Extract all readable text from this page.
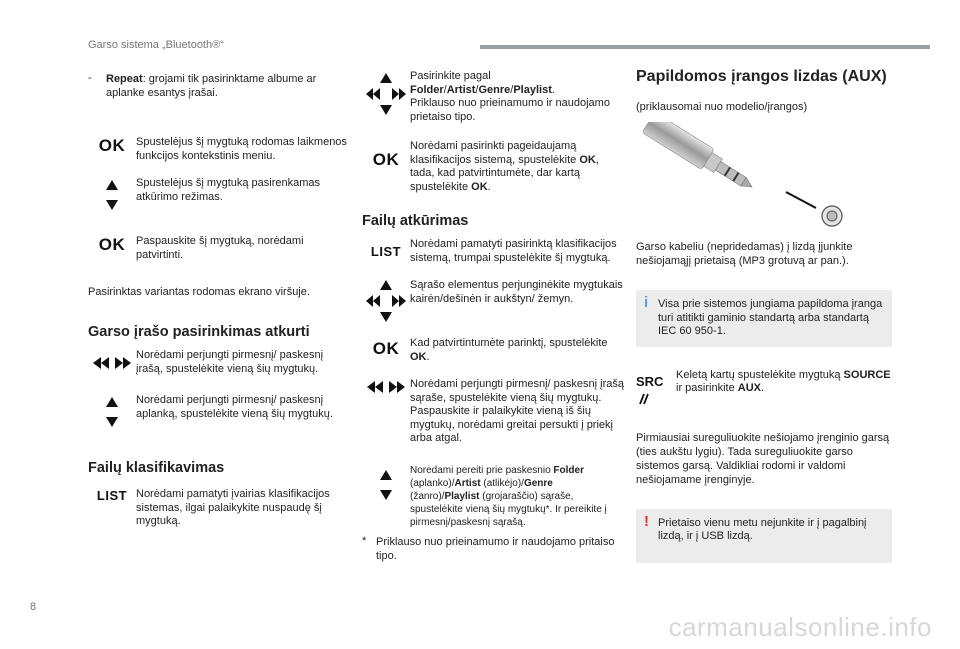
Garso sistema „Bluetooth®“
-	Repeat: grojami tik pasirinktame albume ar aplanke esantys įrašai.

OK Spustelėjus šį mygtuką rodomas laikmenos funkcijos kontekstinis meniu.
Spustelėjus šį mygtuką pasirenkamas atkūrimo režimas.
OK Paspauskite šį mygtuką, norėdami patvirtinti.

Pasirinktas variantas rodomas ekrano viršuje.

Garso įrašo pasirinkimas atkurti
Norėdami perjungti pirmesnį/ paskesnį įrašą, spustelėkite vieną šių mygtukų.
Norėdami perjungti pirmesnį/ paskesnį aplanką, spustelėkite vieną šių mygtukų.
Failų klasifikavimas
LIST Norėdami pamatyti įvairias klasifikacijos sistemas, ilgai palaikykite nuspaudę šį mygtuką.
Pasirinkite pagal
Folder/Artist/Genre/Playlist.
Priklauso nuo prieinamumo ir naudojamo prietaiso tipo.
OK
Norėdami pasirinkti pageidaujamą klasifikacijos sistemą, spustelėkite OK, tada, kad patvirtintumėte, dar kartą spustelėkite OK.
Failų atkūrimas
LIST Norėdami pamatyti pasirinktą klasifikacijos sistemą, trumpai spustelėkite šį mygtuką.
Sąrašo elementus perjunginėkite mygtukais kairėn/dešinėn ir aukštyn/ žemyn.
OK Kad patvirtintumėte parinktį, spustelėkite OK.
Norėdami perjungti pirmesnį/ paskesnį įrašą sąraše, spustelėkite vieną šių mygtukų.
Paspauskite ir palaikykite vieną iš šių mygtukų, norėdami greitai persukti į priekį arba atgal.
Norėdami pereiti prie paskesnio Folder (aplanko)/Artist (atlikėjo)/Genre (žanro)/Playlist (grojaraščio) sąraše, spustelėkite vieną šių mygtukų*. Ir pereikite į pirmesnį/paskesnį sąrašą.
* Priklauso nuo prieinamumo ir naudojamo pritaiso tipo.

Papildomos įrangos lizdas (AUX)

(priklausomai nuo modelio/įrangos)

Garso kabeliu (nepridedamas) į lizdą įjunkite nešiojamąjį prietaisą (MP3 grotuvą ar pan.).

i Visa prie sistemos jungiama papildoma įranga turi atitikti gaminio standartą arba standartą IEC 60 950-1.
SRC	Keletą kartų spustelėkite mygtuką SOURCE ir pasirinkite AUX.

Pirmiausiai sureguliuokite nešiojamo įrenginio garsą (ties aukštu lygiu). Tada sureguliuokite garso sistemos garsą. Valdikliai rodomi ir valdomi nešiojamame įrenginyje.

! Prietaiso vienu metu nejunkite ir į pagalbinį lizdą, ir į USB lizdą.
8
carmanualsonline.info
